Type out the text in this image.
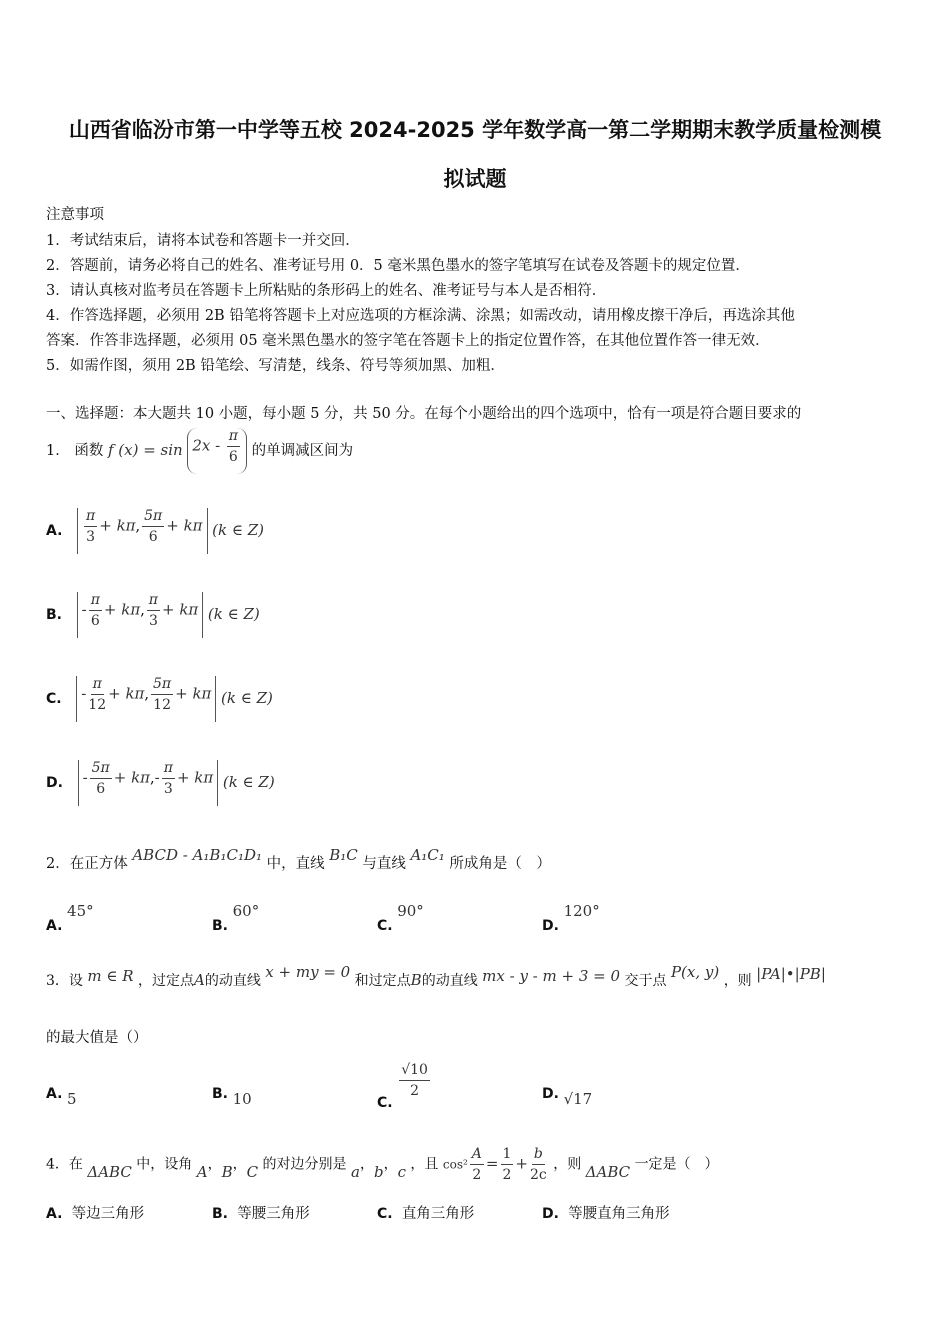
山西省临汾市第一中学等五校 2024-2025 学年数学高一第二学期期末教学质量检测模
拟试题
注意事项
1．考试结束后，请将本试卷和答题卡一并交回．
2．答题前，请务必将自己的姓名、准考证号用 0．5 毫米黑色墨水的签字笔填写在试卷及答题卡的规定位置．
3．请认真核对监考员在答题卡上所粘贴的条形码上的姓名、准考证号与本人是否相符．
4．作答选择题，必须用 2B 铅笔将答题卡上对应选项的方框涂满、涂黑；如需改动，请用橡皮擦干净后，再选涂其他
答案．作答非选择题，必须用 05 毫米黑色墨水的签字笔在答题卡上的指定位置作答，在其他位置作答一律无效．
5．如需作图，须用 2B 铅笔绘、写清楚，线条、符号等须加黑、加粗．
一、选择题：本大题共 10 小题，每小题 5 分，共 50 分。在每个小题给出的四个选项中，恰有一项是符合题目要求的
1． 函数 f $(x) = \sin 2x - \frac{\pi}{6}$ 的单调减区间为
A. $\frac{\pi}{3} + k\pi$, $\frac{5\pi}{6} + k\pi$ (k ∈ Z)
B. - $\frac{\pi}{6} + k\pi$, $\frac{\pi}{3} + k\pi$ (k ∈ Z)
C. - $\frac{\pi}{12} + k\pi$, $\frac{5\pi}{12} + k\pi$ (k ∈ Z)
D. - $\frac{5\pi}{6} + k\pi,- \frac{\pi}{3} + k\pi$ (k ∈ Z)
2．在正方体 ABCD - A₁B₁C₁D₁ 中，直线 B₁C 与直线 A₁C₁ 所成角是（　）
A. 45°
B. 60°
C. 90°
D. 120°
3．设 m ∈ R ，过定点A的动直线 x + my = 0 和过定点B的动直线 mx - y - m + 3 = 0 交于点 P(x, y) ，则 |PA|•|PB|
的最大值是（）
A. 5	B. 10	C.
$\frac{√10}{2}$	D. √17
4．在 ΔABC 中，设角 A，B，C 的对边分别是 a，b，c ，且 $\cos^2 \frac{A}{2} = \frac{1}{2} + \frac{b}{2c}$ ，则 ΔABC 一定是（　）
A. 等边三角形	B. 等腰三角形	C. 直角三角形	D. 等腰直角三角形
